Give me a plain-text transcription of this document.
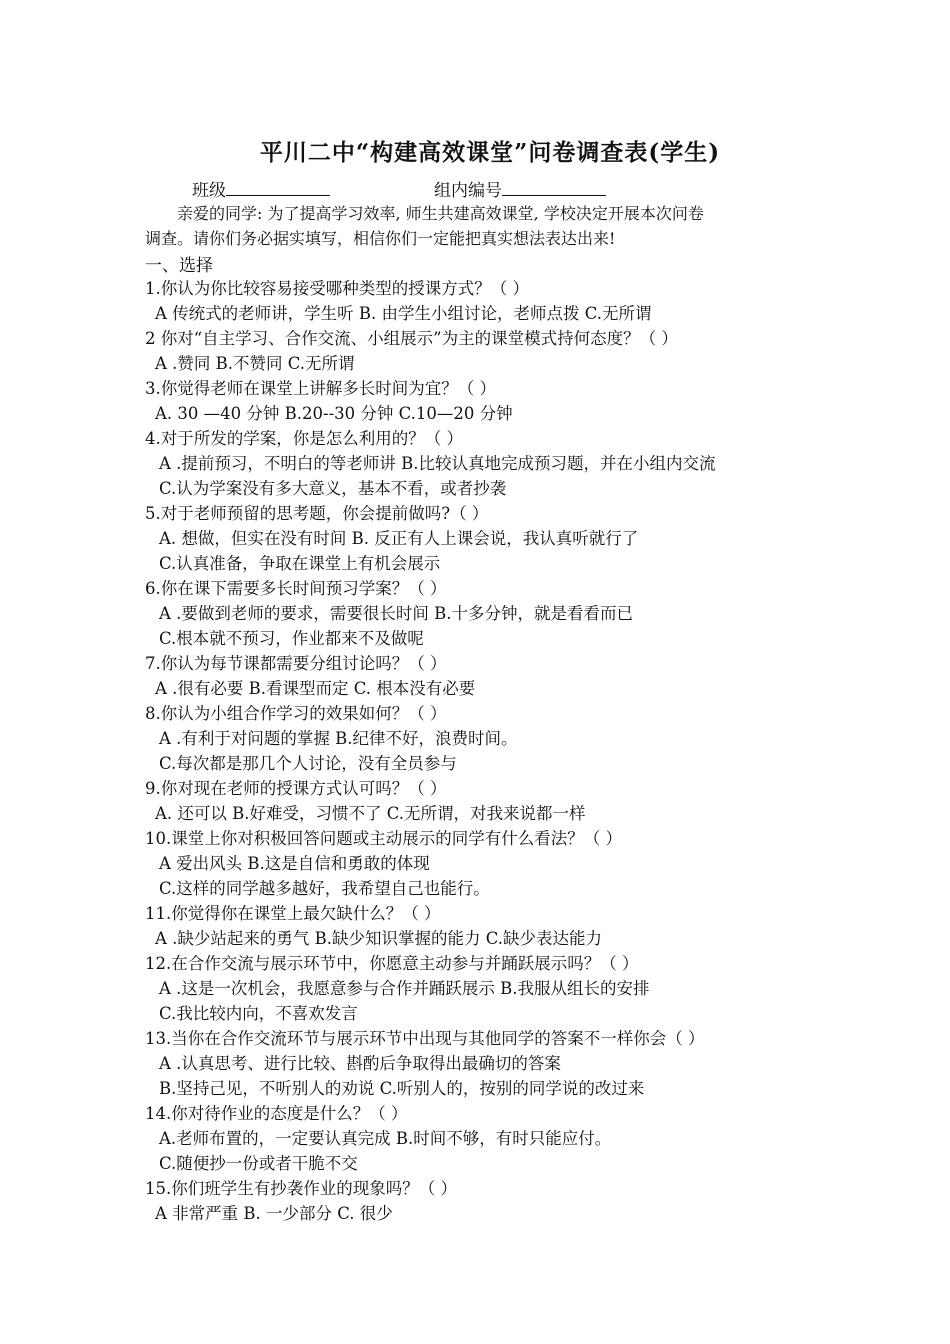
平川二中“构建高效课堂”问卷调查表(学生)
班级	组内编号
亲爱的同学: 为了提高学习效率, 师生共建高效课堂, 学校决定开展本次问卷
调查。请你们务必据实填写，相信你们一定能把真实想法表达出来!
一、选择
1.你认为你比较容易接受哪种类型的授课方式？（ ）
A 传统式的老师讲，学生听 B. 由学生小组讨论，老师点拨 C.无所谓
2 你对“自主学习、合作交流、小组展示”为主的课堂模式持何态度？（ ）
A .赞同 B.不赞同 C.无所谓
3.你觉得老师在课堂上讲解多长时间为宜？（ ）
A. 30 —40 分钟 B.20--30 分钟 C.10—20 分钟
4.对于所发的学案，你是怎么利用的？（ ）
A .提前预习，不明白的等老师讲 B.比较认真地完成预习题，并在小组内交流
C.认为学案没有多大意义，基本不看，或者抄袭
5.对于老师预留的思考题，你会提前做吗?（ ）
A. 想做，但实在没有时间 B. 反正有人上课会说，我认真听就行了
C.认真准备，争取在课堂上有机会展示
6.你在课下需要多长时间预习学案？（ ）
A .要做到老师的要求，需要很长时间 B.十多分钟，就是看看而已
C.根本就不预习，作业都来不及做呢
7.你认为每节课都需要分组讨论吗？（ ）
A .很有必要 B.看课型而定 C. 根本没有必要
8.你认为小组合作学习的效果如何？（ ）
A .有利于对问题的掌握 B.纪律不好，浪费时间。
C.每次都是那几个人讨论，没有全员参与
9.你对现在老师的授课方式认可吗？（ ）
A. 还可以 B.好难受，习惯不了 C.无所谓，对我来说都一样
10.课堂上你对积极回答问题或主动展示的同学有什么看法？（ ）
A 爱出风头 B.这是自信和勇敢的体现
C.这样的同学越多越好，我希望自己也能行。
11.你觉得你在课堂上最欠缺什么？（ ）
A .缺少站起来的勇气 B.缺少知识掌握的能力 C.缺少表达能力
12.在合作交流与展示环节中，你愿意主动参与并踊跃展示吗？（ ）
A .这是一次机会，我愿意参与合作并踊跃展示 B.我服从组长的安排
C.我比较内向，不喜欢发言
13.当你在合作交流环节与展示环节中出现与其他同学的答案不一样你会（ ）
A .认真思考、进行比较、斟酌后争取得出最确切的答案
B.坚持己见，不听别人的劝说 C.听别人的，按别的同学说的改过来
14.你对待作业的态度是什么？（ ）
A.老师布置的，一定要认真完成 B.时间不够，有时只能应付。
C.随便抄一份或者干脆不交
15.你们班学生有抄袭作业的现象吗？（ ）
A 非常严重 B. 一少部分 C. 很少
